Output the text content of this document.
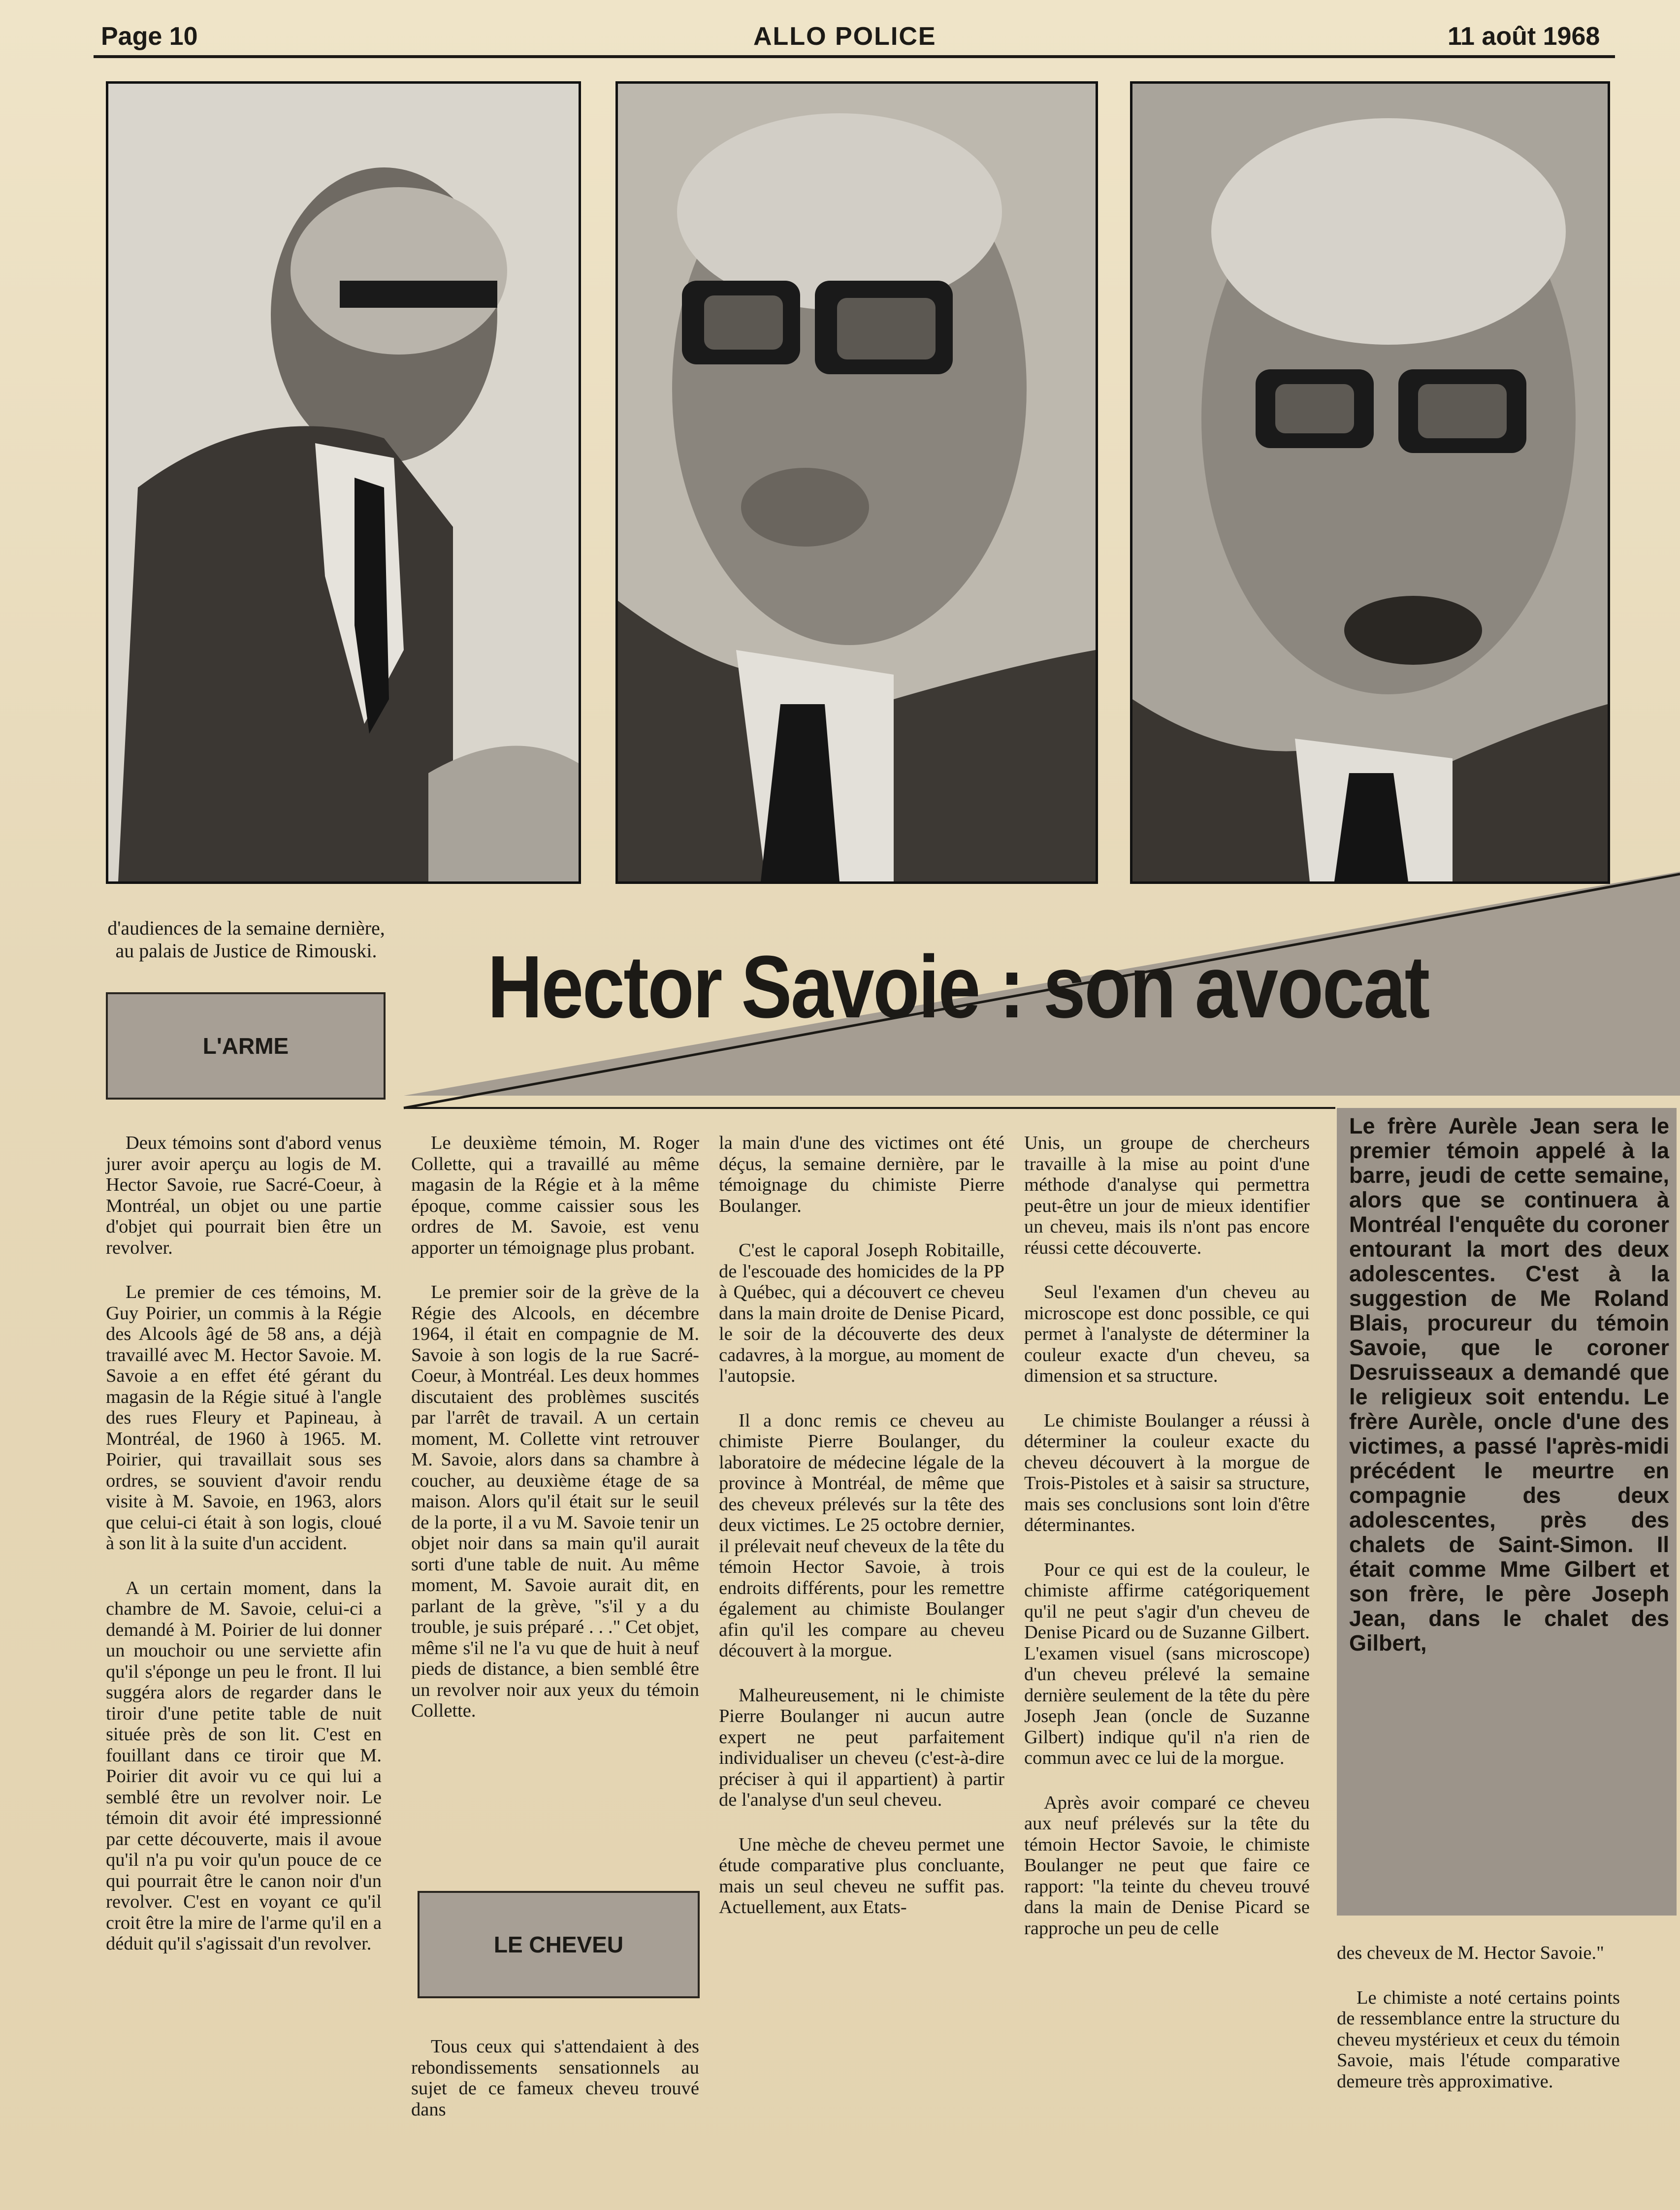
Page 10	ALLO POLICE	11 août 1968
d'audiences de la semaine dernière, au palais de Justice de Rimouski. Hector Savoie : son avocat
L'ARME
LE CHEVEU

Deux témoins sont d'abord venus jurer avoir aperçu au logis de M. Hector Savoie, rue Sacré-Coeur, à Montréal, un objet ou une partie d'objet qui pourrait bien être un revolver.

Le premier de ces témoins, M. Guy Poirier, un commis à la Régie des Alcools âgé de 58 ans, a déjà travaillé avec M. Hector Savoie. M. Savoie a en effet été gérant du magasin de la Régie situé à l'angle des rues Fleury et Papineau, à Montréal, de 1960 à 1965. M. Poirier, qui travaillait sous ses ordres, se souvient d'avoir rendu visite à M. Savoie, en 1963, alors que celui-ci était à son logis, cloué à son lit à la suite d'un accident.

A un certain moment, dans la chambre de M. Savoie, celui-ci a demandé à M. Poirier de lui donner un mouchoir ou une serviette afin qu'il s'éponge un peu le front. Il lui suggéra alors de regarder dans le tiroir d'une petite table de nuit située près de son lit. C'est en fouillant dans ce tiroir que M. Poirier dit avoir vu ce qui lui a semblé être un revolver noir. Le témoin dit avoir été impressionné par cette découverte, mais il avoue qu'il n'a pu voir qu'un pouce de ce qui pourrait être le canon noir d'un revolver. C'est en voyant ce qu'il croit être la mire de l'arme qu'il en a déduit qu'il s'agissait d'un revolver.

Le deuxième témoin, M. Roger Collette, qui a travaillé au même magasin de la Régie et à la même époque, comme caissier sous les ordres de M. Savoie, est venu apporter un témoignage plus probant.

Le premier soir de la grève de la Régie des Alcools, en décembre 1964, il était en compagnie de M. Savoie à son logis de la rue Sacré-Coeur, à Montréal. Les deux hommes discutaient des problèmes suscités par l'arrêt de travail. A un certain moment, M. Collette vint retrouver M. Savoie, alors dans sa chambre à coucher, au deuxième étage de sa maison. Alors qu'il était sur le seuil de la porte, il a vu M. Savoie tenir un objet noir dans sa main qu'il aurait sorti d'une table de nuit. Au même moment, M. Savoie aurait dit, en parlant de la grève, "s'il y a du trouble, je suis préparé . . ." Cet objet, même s'il ne l'a vu que de huit à neuf pieds de distance, a bien semblé être un revolver noir aux yeux du témoin Collette.

Tous ceux qui s'attendaient à des rebondissements sensationnels au sujet de ce fameux cheveu trouvé dans

la main d'une des victimes ont été déçus, la semaine dernière, par le témoignage du chimiste Pierre Boulanger.

C'est le caporal Joseph Robitaille, de l'escouade des homicides de la PP à Québec, qui a découvert ce cheveu dans la main droite de Denise Picard, le soir de la découverte des deux cadavres, à la morgue, au moment de l'autopsie.

Il a donc remis ce cheveu au chimiste Pierre Boulanger, du laboratoire de médecine légale de la province à Montréal, de même que des cheveux prélevés sur la tête des deux victimes. Le 25 octobre dernier, il prélevait neuf cheveux de la tête du témoin Hector Savoie, à trois endroits différents, pour les remettre également au chimiste Boulanger afin qu'il les compare au cheveu découvert à la morgue.

Malheureusement, ni le chimiste Pierre Boulanger ni aucun autre expert ne peut parfaitement individualiser un cheveu (c'est-à-dire préciser à qui il appartient) à partir de l'analyse d'un seul cheveu.

Une mèche de cheveu permet une étude comparative plus concluante, mais un seul cheveu ne suffit pas. Actuellement, aux Etats-

Unis, un groupe de chercheurs travaille à la mise au point d'une méthode d'analyse qui permettra peut-être un jour de mieux identifier un cheveu, mais ils n'ont pas encore réussi cette découverte.

Seul l'examen d'un cheveu au microscope est donc possible, ce qui permet à l'analyste de déterminer la couleur exacte d'un cheveu, sa dimension et sa structure.

Le chimiste Boulanger a réussi à déterminer la couleur exacte du cheveu découvert à la morgue de Trois-Pistoles et à saisir sa structure, mais ses conclusions sont loin d'être déterminantes.

Pour ce qui est de la couleur, le chimiste affirme catégoriquement qu'il ne peut s'agir d'un cheveu de Denise Picard ou de Suzanne Gilbert. L'examen visuel (sans microscope) d'un cheveu prélevé la semaine dernière seulement de la tête du père Joseph Jean (oncle de Suzanne Gilbert) indique qu'il n'a rien de commun avec ce lui de la morgue.

Après avoir comparé ce cheveu aux neuf prélevés sur la tête du témoin Hector Savoie, le chimiste Boulanger ne peut que faire ce rapport: "la teinte du cheveu trouvé dans la main de Denise Picard se rapproche un peu de celle

Le frère Aurèle Jean sera le premier témoin appelé à la barre, jeudi de cette semaine, alors que se continuera à Montréal l'enquête du coroner entourant la mort des deux adolescentes. C'est à la suggestion de Me Roland Blais, procureur du témoin Savoie, que le coroner Desruisseaux a demandé que le religieux soit entendu. Le frère Aurèle, oncle d'une des victimes, a passé l'après-midi précédent le meurtre en compagnie des deux adolescentes, près des chalets de Saint-Simon. Il était comme Mme Gilbert et son frère, le père Joseph Jean, dans le chalet des Gilbert,

des cheveux de M. Hector Savoie."

Le chimiste a noté certains points de ressemblance entre la structure du cheveu mystérieux et ceux du témoin Savoie, mais l'étude comparative demeure très approximative.
